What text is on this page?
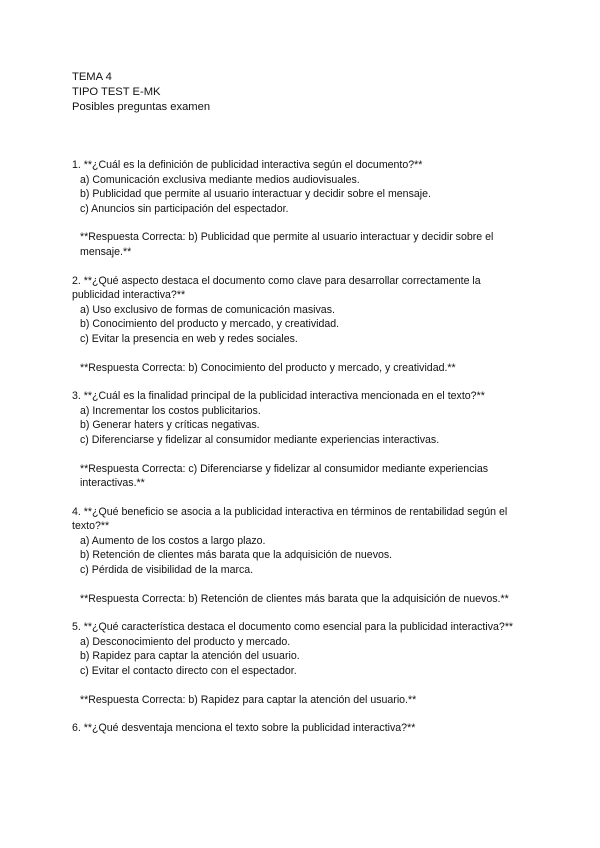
TEMA 4
TIPO TEST E-MK
Posibles preguntas examen
1. **¿Cuál es la definición de publicidad interactiva según el documento?**
a) Comunicación exclusiva mediante medios audiovisuales.
b) Publicidad que permite al usuario interactuar y decidir sobre el mensaje.
c) Anuncios sin participación del espectador.
**Respuesta Correcta: b) Publicidad que permite al usuario interactuar y decidir sobre el mensaje.**
2. **¿Qué aspecto destaca el documento como clave para desarrollar correctamente la publicidad interactiva?**
a) Uso exclusivo de formas de comunicación masivas.
b) Conocimiento del producto y mercado, y creatividad.
c) Evitar la presencia en web y redes sociales.
**Respuesta Correcta: b) Conocimiento del producto y mercado, y creatividad.**
3. **¿Cuál es la finalidad principal de la publicidad interactiva mencionada en el texto?**
a) Incrementar los costos publicitarios.
b) Generar haters y críticas negativas.
c) Diferenciarse y fidelizar al consumidor mediante experiencias interactivas.
**Respuesta Correcta: c) Diferenciarse y fidelizar al consumidor mediante experiencias interactivas.**
4. **¿Qué beneficio se asocia a la publicidad interactiva en términos de rentabilidad según el texto?**
a) Aumento de los costos a largo plazo.
b) Retención de clientes más barata que la adquisición de nuevos.
c) Pérdida de visibilidad de la marca.
**Respuesta Correcta: b) Retención de clientes más barata que la adquisición de nuevos.**
5. **¿Qué característica destaca el documento como esencial para la publicidad interactiva?**
a) Desconocimiento del producto y mercado.
b) Rapidez para captar la atención del usuario.
c) Evitar el contacto directo con el espectador.
**Respuesta Correcta: b) Rapidez para captar la atención del usuario.**
6. **¿Qué desventaja menciona el texto sobre la publicidad interactiva?**
